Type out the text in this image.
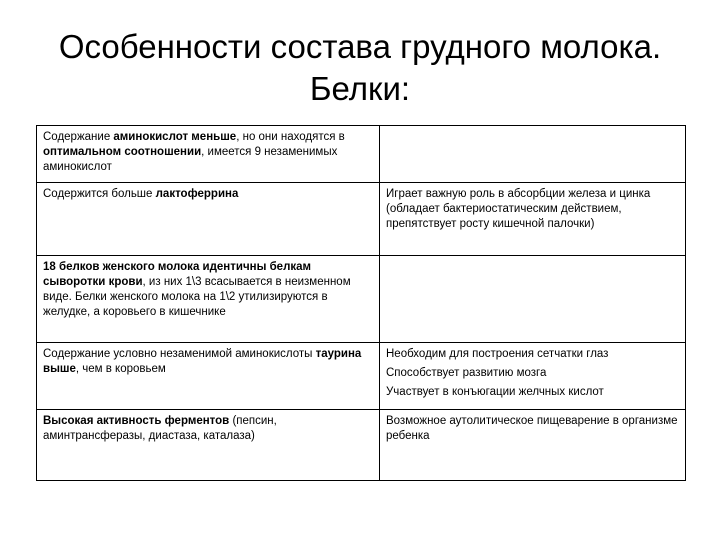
Особенности состава грудного молока.
Белки:
Содержание аминокислот меньше, но они находятся в оптимальном соотношении, имеется 9 незаменимых аминокислот	
Содержится больше лактоферрина	Играет важную роль в абсорбции железа и цинка (обладает бактериостатическим действием, препятствует росту кишечной палочки)

18 белков женского молока идентичны белкам сыворотки крови, из них 1\3 всасывается в неизменном виде. Белки женского молока на 1\2 утилизируются в желудке, а коровьего в кишечнике	
Содержание условно незаменимой аминокислоты таурина выше, чем в коровьем	Необходим для построения сетчатки глаз
Способствует развитию мозга
Участвует в конъюгации желчных кислот

Высокая активность ферментов (пепсин, аминтрансферазы, диастаза, каталаза)	Возможное аутолитическое пищеварение в организме ребенка
